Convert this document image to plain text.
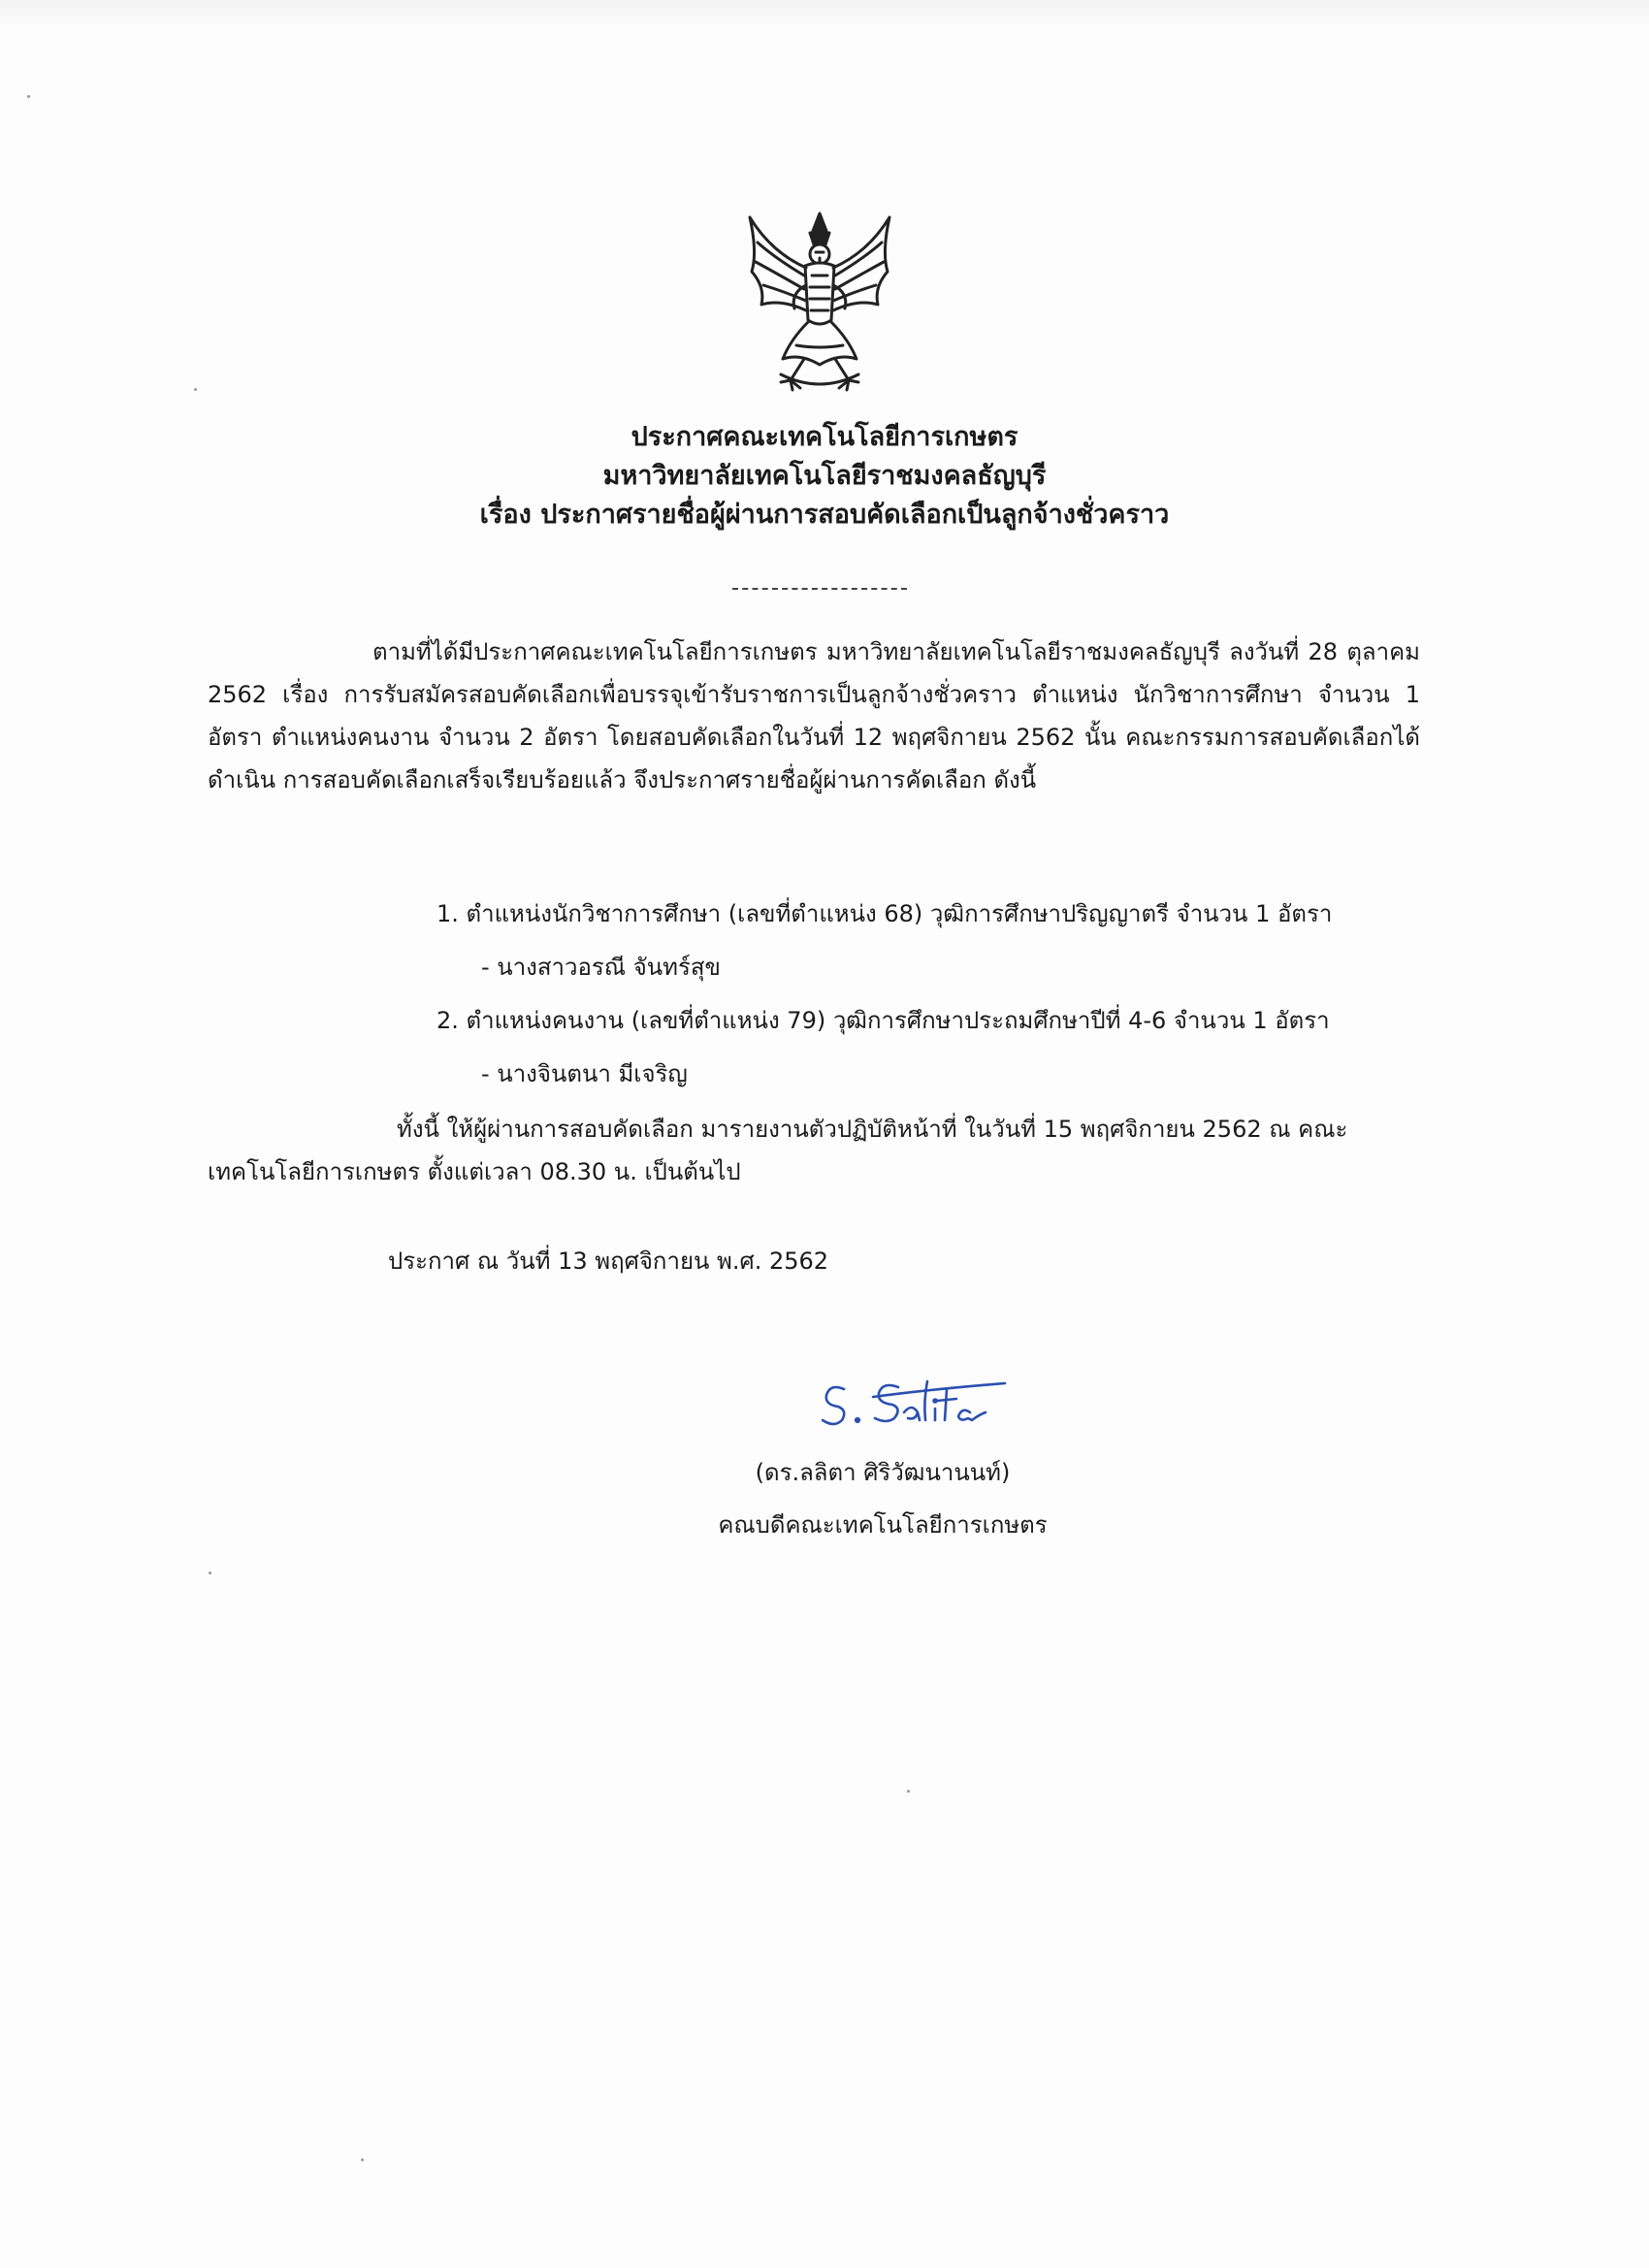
ประกาศคณะเทคโนโลยีการเกษตร
มหาวิทยาลัยเทคโนโลยีราชมงคลธัญบุรี
เรื่อง ประกาศรายชื่อผู้ผ่านการสอบคัดเลือกเป็นลูกจ้างชั่วคราว
ตามที่ได้มีประกาศคณะเทคโนโลยีการเกษตร มหาวิทยาลัยเทคโนโลยีราชมงคลธัญบุรี ลงวันที่ 28 ตุลาคม 2562 เรื่อง การรับสมัครสอบคัดเลือกเพื่อบรรจุเข้ารับราชการเป็นลูกจ้างชั่วคราว ตำแหน่ง นักวิชาการศึกษา จำนวน 1 อัตรา ตำแหน่งคนงาน จำนวน 2 อัตรา โดยสอบคัดเลือกในวันที่ 12 พฤศจิกายน 2562 นั้น คณะกรรมการสอบคัดเลือกได้ดำเนิน การสอบคัดเลือกเสร็จเรียบร้อยแล้ว จึงประกาศรายชื่อผู้ผ่านการคัดเลือก ดังนี้
1. ตำแหน่งนักวิชาการศึกษา (เลขที่ตำแหน่ง 68) วุฒิการศึกษาปริญญาตรี จำนวน 1 อัตรา
- นางสาวอรณี จันทร์สุข
2. ตำแหน่งคนงาน (เลขที่ตำแหน่ง 79) วุฒิการศึกษาประถมศึกษาปีที่ 4-6 จำนวน 1 อัตรา
- นางจินตนา มีเจริญ
ทั้งนี้ ให้ผู้ผ่านการสอบคัดเลือก มารายงานตัวปฏิบัติหน้าที่ ในวันที่ 15 พฤศจิกายน 2562 ณ คณะเทคโนโลยีการเกษตร ตั้งแต่เวลา 08.30 น. เป็นต้นไป
ประกาศ ณ วันที่ 13 พฤศจิกายน พ.ศ. 2562
(ดร.ลลิตา ศิริวัฒนานนท์)
คณบดีคณะเทคโนโลยีการเกษตร
